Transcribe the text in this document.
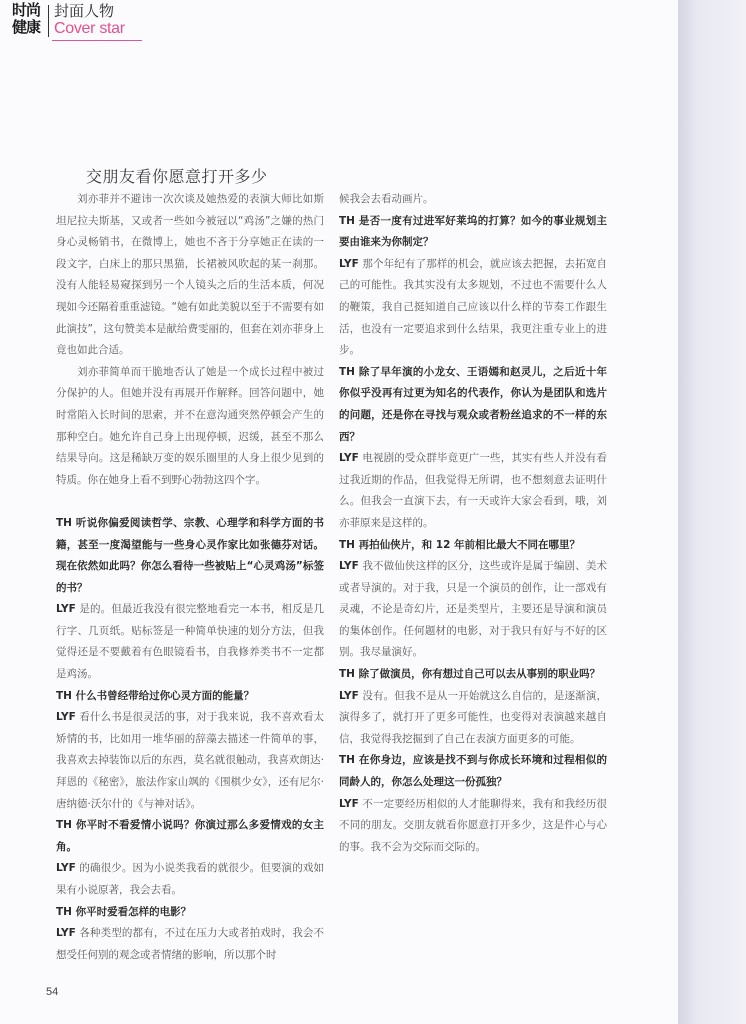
时尚
健康
封面人物
Cover star
交朋友看你愿意打开多少

刘亦菲并不避讳一次次谈及她热爱的表演大师比如斯坦尼拉夫斯基，又或者一些如今被冠以“鸡汤”之嫌的热门身心灵畅销书，在微博上，她也不吝于分享她正在读的一段文字，白床上的那只黑猫，长裙被风吹起的某一刹那。没有人能轻易窥探到另一个人镜头之后的生活本质，何况现如今还隔着重重滤镜。“她有如此美貌以至于不需要有如此演技”，这句赞美本是献给费雯丽的，但套在刘亦菲身上竟也如此合适。

刘亦菲简单而干脆地否认了她是一个成长过程中被过分保护的人。但她并没有再展开作解释。回答问题中，她时常陷入长时间的思索，并不在意沟通突然停顿会产生的那种空白。她允许自己身上出现停顿，迟缓，甚至不那么结果导向。这是稀缺万变的娱乐圈里的人身上很少见到的特质。你在她身上看不到野心勃勃这四个字。

TH 听说你偏爱阅读哲学、宗教、心理学和科学方面的书籍，甚至一度渴望能与一些身心灵作家比如张德芬对话。现在依然如此吗？你怎么看待一些被贴上“心灵鸡汤”标签的书？

LYF 是的。但最近我没有很完整地看完一本书，相反是几行字、几页纸。贴标签是一种简单快速的划分方法，但我觉得还是不要戴着有色眼镜看书，自我修养类书不一定都是鸡汤。

TH 什么书曾经带给过你心灵方面的能量？

LYF 看什么书是很灵活的事，对于我来说，我不喜欢看太矫情的书，比如用一堆华丽的辞藻去描述一件简单的事，我喜欢去掉装饰以后的东西，莫名就很触动，我喜欢朗达·拜恩的《秘密》，旅法作家山飒的《围棋少女》，还有尼尔·唐纳德·沃尔什的《与神对话》。

TH 你平时不看爱情小说吗？你演过那么多爱情戏的女主角。

LYF 的确很少。因为小说类我看的就很少。但要演的戏如果有小说原著，我会去看。

TH 你平时爱看怎样的电影？

LYF 各种类型的都有，不过在压力大或者拍戏时，我会不想受任何别的观念或者情绪的影响，所以那个时

候我会去看动画片。

TH 是否一度有过进军好莱坞的打算？如今的事业规划主要由谁来为你制定？

LYF 那个年纪有了那样的机会，就应该去把握，去拓宽自己的可能性。我其实没有太多规划，不过也不需要什么人的鞭策，我自己挺知道自己应该以什么样的节奏工作跟生活，也没有一定要追求到什么结果，我更注重专业上的进步。

TH 除了早年演的小龙女、王语嫣和赵灵儿，之后近十年你似乎没再有过更为知名的代表作，你认为是团队和选片的问题，还是你在寻找与观众或者粉丝追求的不一样的东西？

LYF 电视剧的受众群毕竟更广一些，其实有些人并没有看过我近期的作品，但我觉得无所谓，也不想刻意去证明什么。但我会一直演下去，有一天或许大家会看到，哦，刘亦菲原来是这样的。

TH 再拍仙侠片，和 12 年前相比最大不同在哪里？

LYF 我不做仙侠这样的区分，这些或许是属于编剧、美术或者导演的。对于我，只是一个演员的创作，让一部戏有灵魂，不论是奇幻片，还是类型片，主要还是导演和演员的集体创作。任何题材的电影，对于我只有好与不好的区别。我尽量演好。

TH 除了做演员，你有想过自己可以去从事别的职业吗？

LYF 没有。但我不是从一开始就这么自信的，是逐渐演，演得多了，就打开了更多可能性，也变得对表演越来越自信，我觉得我挖掘到了自己在表演方面更多的可能。

TH 在你身边，应该是找不到与你成长环境和过程相似的同龄人的，你怎么处理这一份孤独？

LYF 不一定要经历相似的人才能聊得来，我有和我经历很不同的朋友。交朋友就看你愿意打开多少，这是件心与心的事。我不会为交际而交际的。

54
